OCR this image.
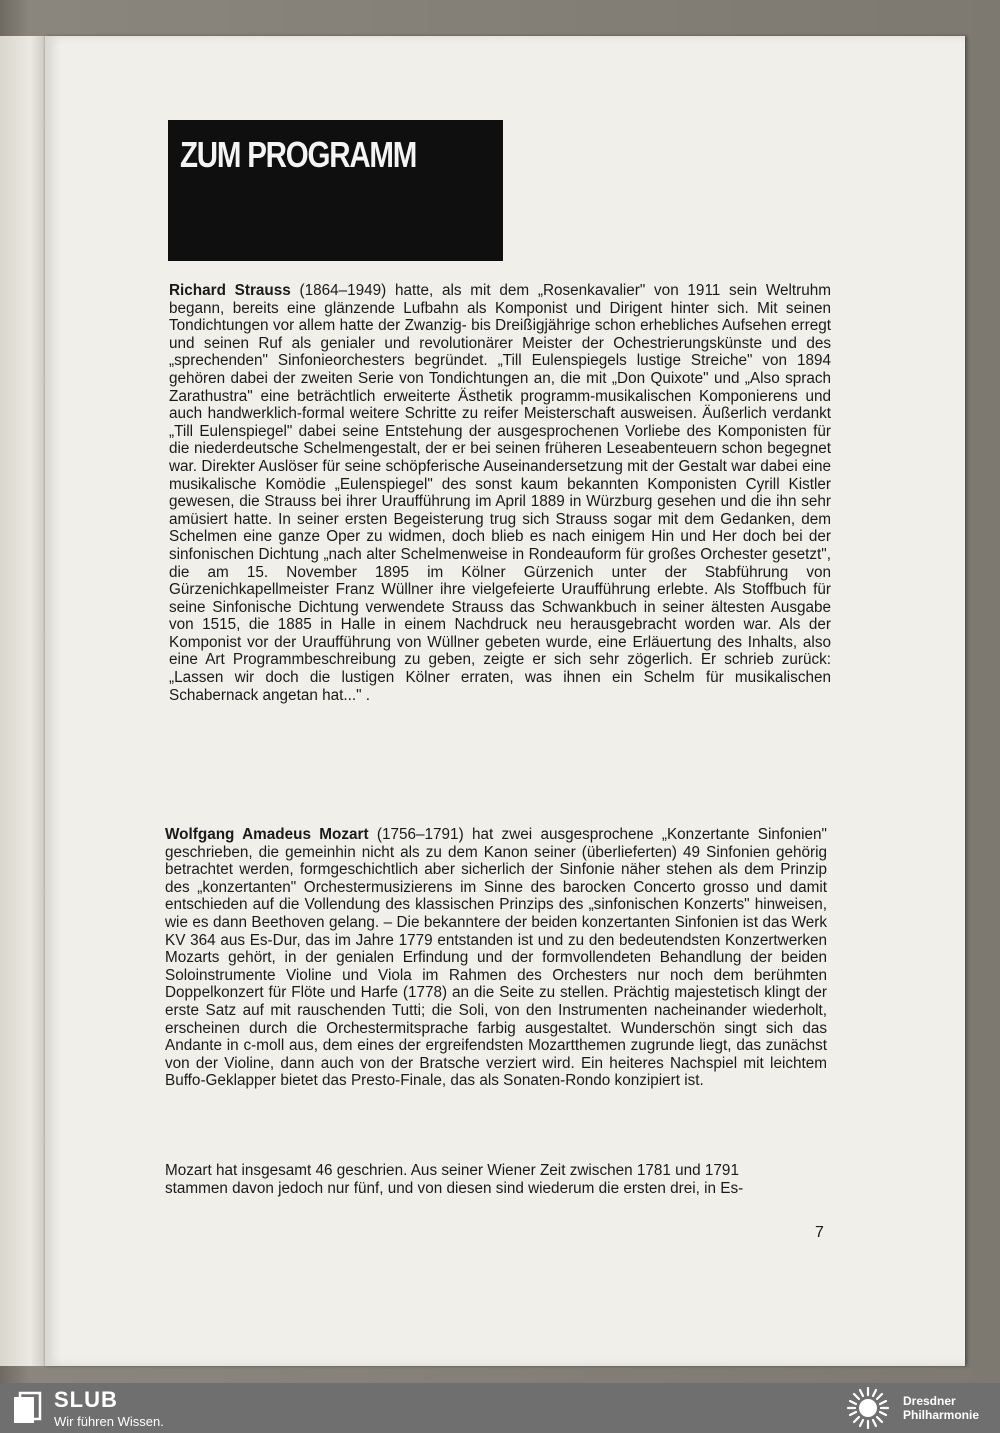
ZUM PROGRAMM
Richard Strauss (1864–1949) hatte, als mit dem „Rosenkavalier" von 1911 sein Weltruhm begann, bereits eine glänzende Lufbahn als Komponist und Dirigent hinter sich. Mit seinen Tondichtungen vor allem hatte der Zwanzig- bis Dreißigjährige schon erhebliches Aufsehen erregt und seinen Ruf als genialer und revolutionärer Meister der Ochestrierungskünste und des „sprechenden" Sinfonieorchesters begründet. „Till Eulenspiegels lustige Streiche" von 1894 gehören dabei der zweiten Serie von Tondichtungen an, die mit „Don Quixote" und „Also sprach Zarathustra" eine beträchtlich erweiterte Ästhetik programm-musikalischen Komponierens und auch handwerklich-formal weitere Schritte zu reifer Meisterschaft ausweisen. Äußerlich verdankt „Till Eulenspiegel" dabei seine Entstehung der ausgesprochenen Vorliebe des Komponisten für die niederdeutsche Schelmengestalt, der er bei seinen früheren Leseabenteuern schon begegnet war. Direkter Auslöser für seine schöpferische Auseinandersetzung mit der Gestalt war dabei eine musikalische Komödie „Eulenspiegel" des sonst kaum bekannten Komponisten Cyrill Kistler gewesen, die Strauss bei ihrer Uraufführung im April 1889 in Würzburg gesehen und die ihn sehr amüsiert hatte. In seiner ersten Begeisterung trug sich Strauss sogar mit dem Gedanken, dem Schelmen eine ganze Oper zu widmen, doch blieb es nach einigem Hin und Her doch bei der sinfonischen Dichtung „nach alter Schelmenweise in Rondeauform für großes Orchester gesetzt", die am 15. November 1895 im Kölner Gürzenich unter der Stabführung von Gürzenichkapellmeister Franz Wüllner ihre vielgefeierte Uraufführung erlebte. Als Stoffbuch für seine Sinfonische Dichtung verwendete Strauss das Schwankbuch in seiner ältesten Ausgabe von 1515, die 1885 in Halle in einem Nachdruck neu herausgebracht worden war. Als der Komponist vor der Uraufführung von Wüllner gebeten wurde, eine Erläuertung des Inhalts, also eine Art Programmbeschreibung zu geben, zeigte er sich sehr zögerlich. Er schrieb zurück: „Lassen wir doch die lustigen Kölner erraten, was ihnen ein Schelm für musikalischen Schabernack angetan hat..." .
Wolfgang Amadeus Mozart (1756–1791) hat zwei ausgesprochene „Konzertante Sinfonien" geschrieben, die gemeinhin nicht als zu dem Kanon seiner (überlieferten) 49 Sinfonien gehörig betrachtet werden, formgeschichtlich aber sicherlich der Sinfonie näher stehen als dem Prinzip des „konzertanten" Orchestermusizierens im Sinne des barocken Concerto grosso und damit entschieden auf die Vollendung des klassischen Prinzips des „sinfonischen Konzerts" hinweisen, wie es dann Beethoven gelang. – Die bekanntere der beiden konzertanten Sinfonien ist das Werk KV 364 aus Es-Dur, das im Jahre 1779 entstanden ist und zu den bedeutendsten Konzertwerken Mozarts gehört, in der genialen Erfindung und der formvollendeten Behandlung der beiden Soloinstrumente Violine und Viola im Rahmen des Orchesters nur noch dem berühmten Doppelkonzert für Flöte und Harfe (1778) an die Seite zu stellen. Prächtig majestetisch klingt der erste Satz auf mit rauschenden Tutti; die Soli, von den Instrumenten nacheinander wiederholt, erscheinen durch die Orchestermitsprache farbig ausgestaltet. Wunderschön singt sich das Andante in c-moll aus, dem eines der ergreifendsten Mozartthemen zugrunde liegt, das zunächst von der Violine, dann auch von der Bratsche verziert wird. Ein heiteres Nachspiel mit leichtem Buffo-Geklapper bietet das Presto-Finale, das als Sonaten-Rondo konzipiert ist.
Mozart hat insgesamt 46 geschrien. Aus seiner Wiener Zeit zwischen 1781 und 1791
stammen davon jedoch nur fünf, und von diesen sind wiederum die ersten drei, in Es-
7
SLUB
Wir führen Wissen.
Dresdner
Philharmonie
